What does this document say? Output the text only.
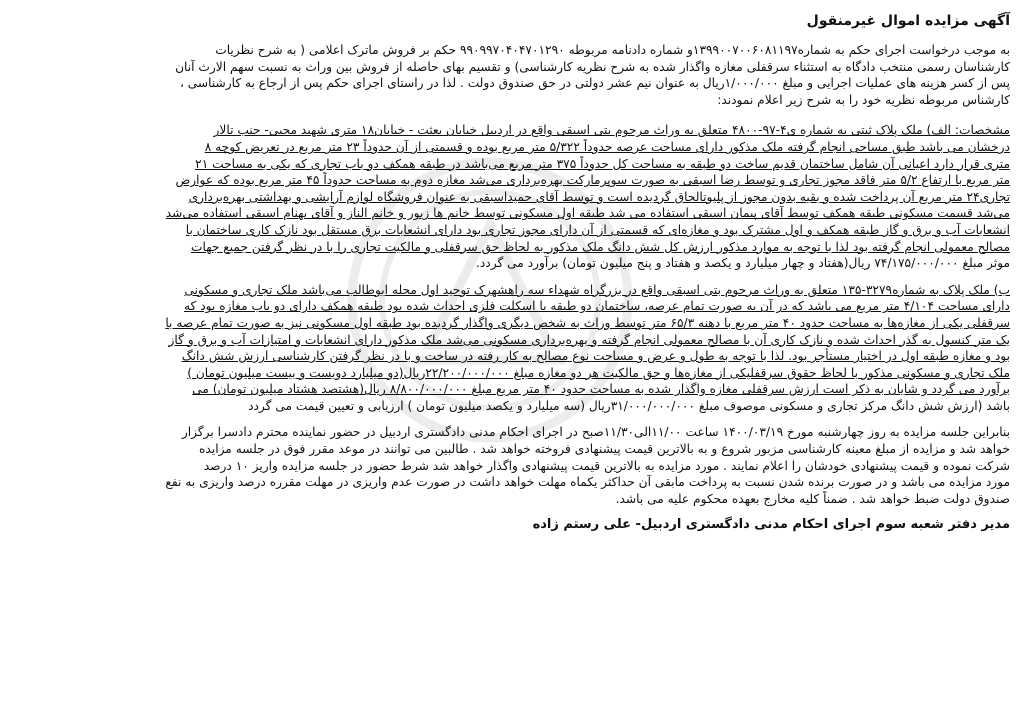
آگهی مزایده اموال غیرمنقول
به موجب درخواست اجرای حکم به شماره۱۳۹۹۰۰۷۰۰۶۰۸۱۱۹۷و شماره دادنامه مربوطه ۹۹۰۹۹۷۰۴۰۴۷۰۱۲۹۰ حکم بر فروش ماترک اعلامی ( به شرح نظریات
کارشناسان رسمی منتخب دادگاه به استثناء سرقفلی مغازه واگذار شده به شرح نظریه کارشناسی) و تقسیم بهای حاصله از فروش بین وراث به نسبت سهم الارث آنان
پس از کسر هزینه های عملیات اجرایی و مبلغ ۱/۰۰۰/۰۰۰ریال به عنوان نیم عشر دولتی در حق صندوق دولت . لذا در راستای اجرای حکم پس از ارجاع به کارشناسی ،
کارشناس مربوطه نظریه خود را به شرح زیر اعلام نمودند:
مشخصات: الف) ملک پلاک ثبتی به شماره ی۴-۹۷-۴۸۰۰ متعلق به وراث مرحوم بتی اسبقی واقع در اردبیل خیابان بعثت - خیابان۱۸ متری شهید محبی- جنب تالار
درخشان می باشد طبق مساحی انجام گرفته ملک مذکور دارای مساحت عرصه حدوداً ۵/۳۲۲ متر مربع بوده و قسمتی از آن حدوداً ۲۳ متر مربع در تعریض کوچه ۸
متری قرار دارد اعیانی آن شامل ساختمان قدیم ساخت دو طبقه به مساحت کل حدوداً ۳۷۵ متر مربع می‌باشد در طبقه همکف دو باب تجاری که یکی به مساحت ۲۱
متر مربع با ارتفاع ۵/۲ متر فاقد مجوز تجاری و توسط رضا اسبقی به صورت سوپرمارکت بهره‌برداری می‌شد مغازه دوم به مساحت حدوداً ۴۵ متر مربع بوده که عوارض
تجاری۲۴ متر مربع آن پرداخت شده و بقیه بدون مجوز از پلیوتالحاق گردیده است و توسط آقای حمیداسبقی به عنوان فروشگاه لوازم آرایشی و بهداشتی بهره‌برداری
می‌شد قسمت مسکونی طبقه همکف توسط آقای پیمان اسبقی استفاده می شد طبقه اول مسکونی توسط خانم ها زیور و خانم الناز و آقای بهنام اسبقی استفاده می‌شد
انشعابات آب و برق و گاز طبقه همکف و اول مشترک بود و مغازه‌ای که قسمتی از آن دارای مجوز تجاری بود دارای انشعابات برق مستقل بود نازک کاری ساختمان با
مصالح معمولی انجام گرفته بود لذا با توجه به موارد مذکور ارزش کل شش دانگ ملک مذکور به لحاظ حق سرقفلی و مالکیت تجاری را با در نظر گرفتن جمیع جهات
موثر مبلغ ۷۴/۱۷۵/۰۰۰/۰۰۰ ریال(هفتاد و چهار میلیارد و یکصد و هفتاد و پنج میلیون تومان) برآورد می گردد.
ب) ملک پلاک به شماره۳۲۷۹-۱۳۵ متعلق به وراث مرحوم بتی اسبقی واقع در بزرگراه شهداء سه راهشهرک توحید اول محله ابوطالب می‌باشد ملک تجاری و مسکونی
دارای مساحت ۴/۱۰۴ متر مربع می باشد که در آن به صورت تمام عرصه، ساختمان دو طبقه با اسکلت فلزی احداث شده بود طبقه همکف دارای دو باب مغازه بود که
سرقفلی یکی از مغازه‌ها به مساحت حدود ۴۰ متر مربع با دهنه ۶۵/۳ متر توسط وراث به شخص دیگری واگذار گردیده بود طبقه اول مسکونی نیز به صورت تمام عرصه با
یک متر کنسول به گذر احداث شده و نازک کاری آن با مصالح معمولی انجام گرفته و بهره‌برداری مسکونی می‌شد ملک مذکور دارای انشعابات و امتیازات آب و برق و گاز
بود و مغازه طبقه اول در اختیار مستأجر بود. لذا با توجه به طول و عرض و مساحت نوع مصالح به کار رفته در ساخت و با در نظر گرفتن کارشناسی ارزش شش دانگ
ملک تجاری و مسکونی مذکور با لحاظ حقوق سرقفلیکی از مغازه‌ها و حق مالکیت هر دو مغازه مبلغ ۲۲/۲۰۰/۰۰۰/۰۰۰ریال(دو میلیارد دویست و بیست میلیون تومان )
برآورد می گردد و شایان به ذکر است ارزش سرقفلی مغازه واگذار شده به مساحت حدود ۴۰ متر مربع مبلغ ۸/۸۰۰/۰۰۰/۰۰۰ ریال(هشتصد هشتاد میلیون تومان) می
باشد (ارزش شش دانگ مرکز تجاری و مسکونی موصوف مبلغ ۳۱/۰۰۰/۰۰۰/۰۰۰ریال (سه میلیارد و یکصد میلیون تومان ) ارزیابی و تعیین قیمت می گردد
بنابراین جلسه مزایده به روز چهارشنبه مورخ ۱۴۰۰/۰۳/۱۹ ساعت ۱۱/۰۰الی۱۱/۳۰صبح در اجرای احکام مدنی دادگستری اردبیل در حضور نماینده محترم دادسرا برگزار
خواهد شد و مزایده از مبلغ معینه کارشناسی مزبور شروع و به بالاترین قیمت پیشنهادی فروخته خواهد شد . طالبین می توانند در موعد مقرر فوق در جلسه مزایده
شرکت نموده و قیمت پیشنهادی خودشان را اعلام نمایند . مورد مزایده به بالاترین قیمت پیشنهادی واگذار خواهد شد شرط حضور در جلسه مزایده واریز ۱۰ درصد
مورد مزایده می باشد و در صورت برنده شدن نسبت به پرداخت مابقی آن حداکثر یکماه مهلت خواهد داشت در صورت عدم واریزی در مهلت مقرره درصد واریزی به نفع
صندوق دولت ضبط خواهد شد . ضمناً کلیه مخارج بعهده محکوم علیه می باشد.
مدیر دفتر شعبه سوم اجرای احکام مدنی دادگستری اردبیل- علی رستم زاده
